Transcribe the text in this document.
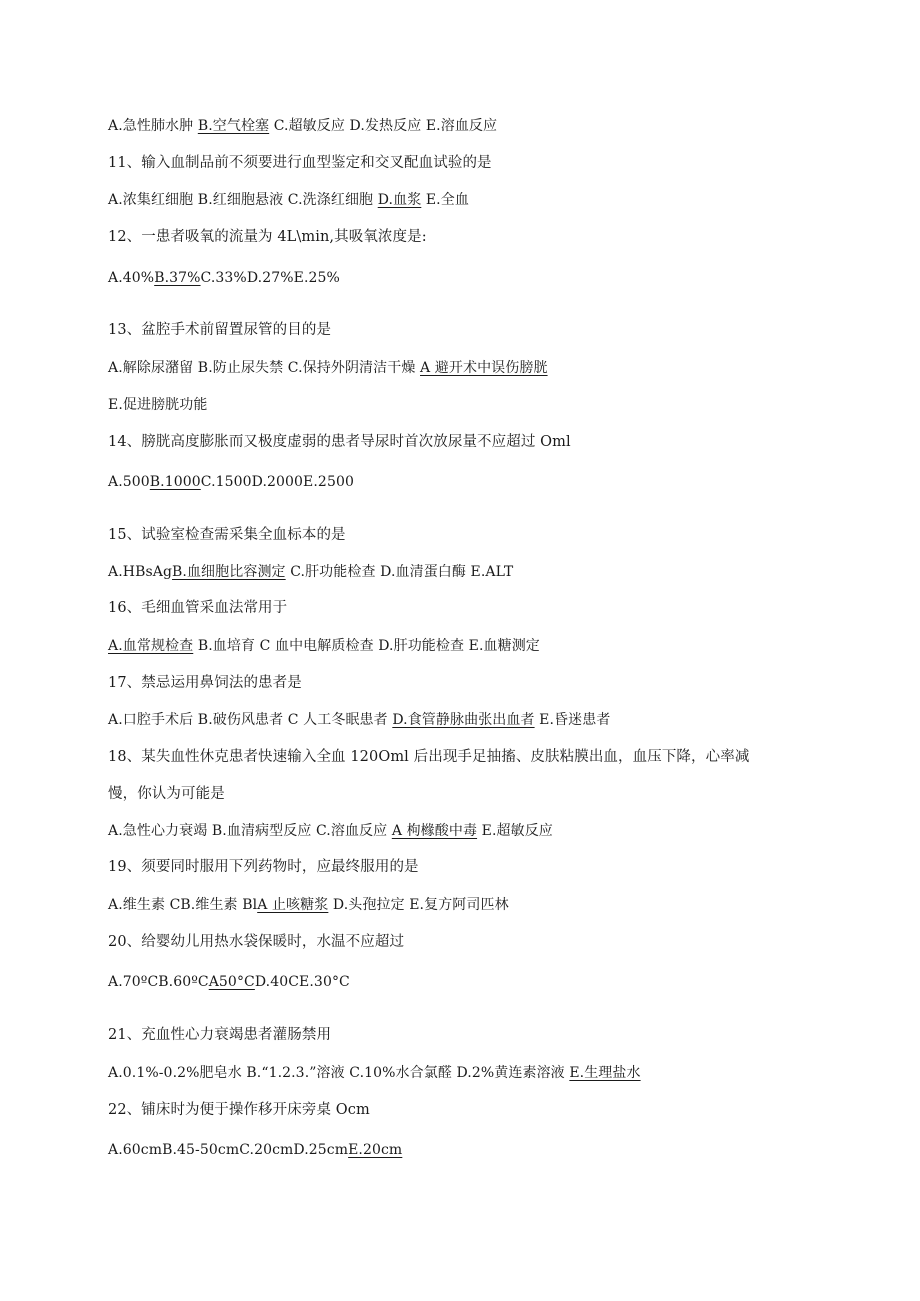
A.急性肺水肿 B.空气栓塞 C.超敏反应 D.发热反应 E.溶血反应
11、输入血制品前不须要进行血型鉴定和交叉配血试验的是
A.浓集红细胞 B.红细胞悬液 C.洗涤红细胞 D.血浆 E.全血
12、一患者吸氧的流量为 4L\min,其吸氧浓度是:
A.40%B.37%C.33%D.27%E.25%
13、盆腔手术前留置尿管的目的是
A.解除尿潴留 B.防止尿失禁 C.保持外阴清洁干燥 A 避开术中误伤膀胱
E.促进膀胱功能
14、膀胱高度膨胀而又极度虚弱的患者导尿时首次放尿量不应超过 Oml
A.500B.1000C.1500D.2000E.2500
15、试验室检查需采集全血标本的是
A.HBsAgB.血细胞比容测定 C.肝功能检查 D.血清蛋白酶 E.ALT
16、毛细血管采血法常用于
A.血常规检查 B.血培育 C 血中电解质检查 D.肝功能检查 E.血糖测定
17、禁忌运用鼻饲法的患者是
A.口腔手术后 B.破伤风患者 C 人工冬眠患者 D.食管静脉曲张出血者 E.昏迷患者
18、某失血性休克患者快速输入全血 120Oml 后出现手足抽搐、皮肤粘膜出血，血压下降，心率减
慢，你认为可能是
A.急性心力衰竭 B.血清病型反应 C.溶血反应 A 枸橼酸中毒 E.超敏反应
19、须要同时服用下列药物时，应最终服用的是
A.维生素 CB.维生素 BlA 止咳糖浆 D.头孢拉定 E.复方阿司匹林
20、给婴幼儿用热水袋保暖时，水温不应超过
A.70ºCB.60ºCA50°CD.40CE.30°C
21、充血性心力衰竭患者灌肠禁用
A.0.1%-0.2%肥皂水 B.“1.2.3.”溶液 C.10%水合氯醛 D.2%黄连素溶液 E.生理盐水
22、铺床时为便于操作移开床旁桌 Ocm
A.60cmB.45-50cmC.20cmD.25cmE.20cm
